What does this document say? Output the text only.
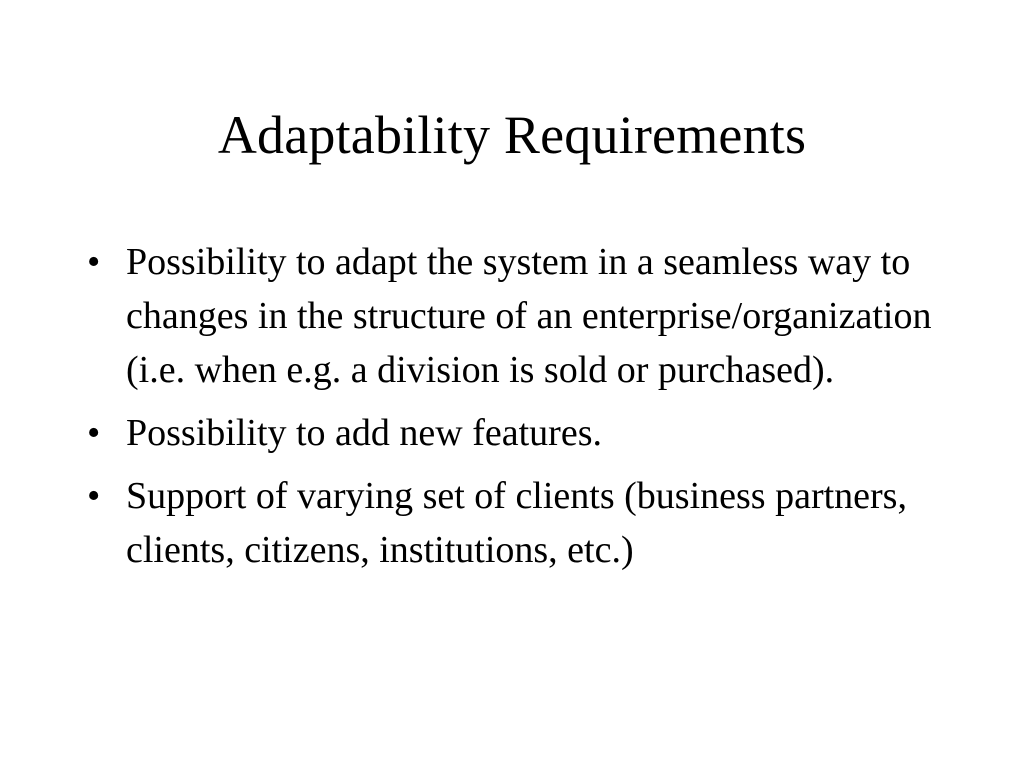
Adaptability Requirements
• Possibility to adapt the system in a seamless way to changes in the structure of an enterprise/organization (i.e. when e.g. a division is sold or purchased).
• Possibility to add new features.
• Support of varying set of clients (business partners, clients, citizens, institutions, etc.)
